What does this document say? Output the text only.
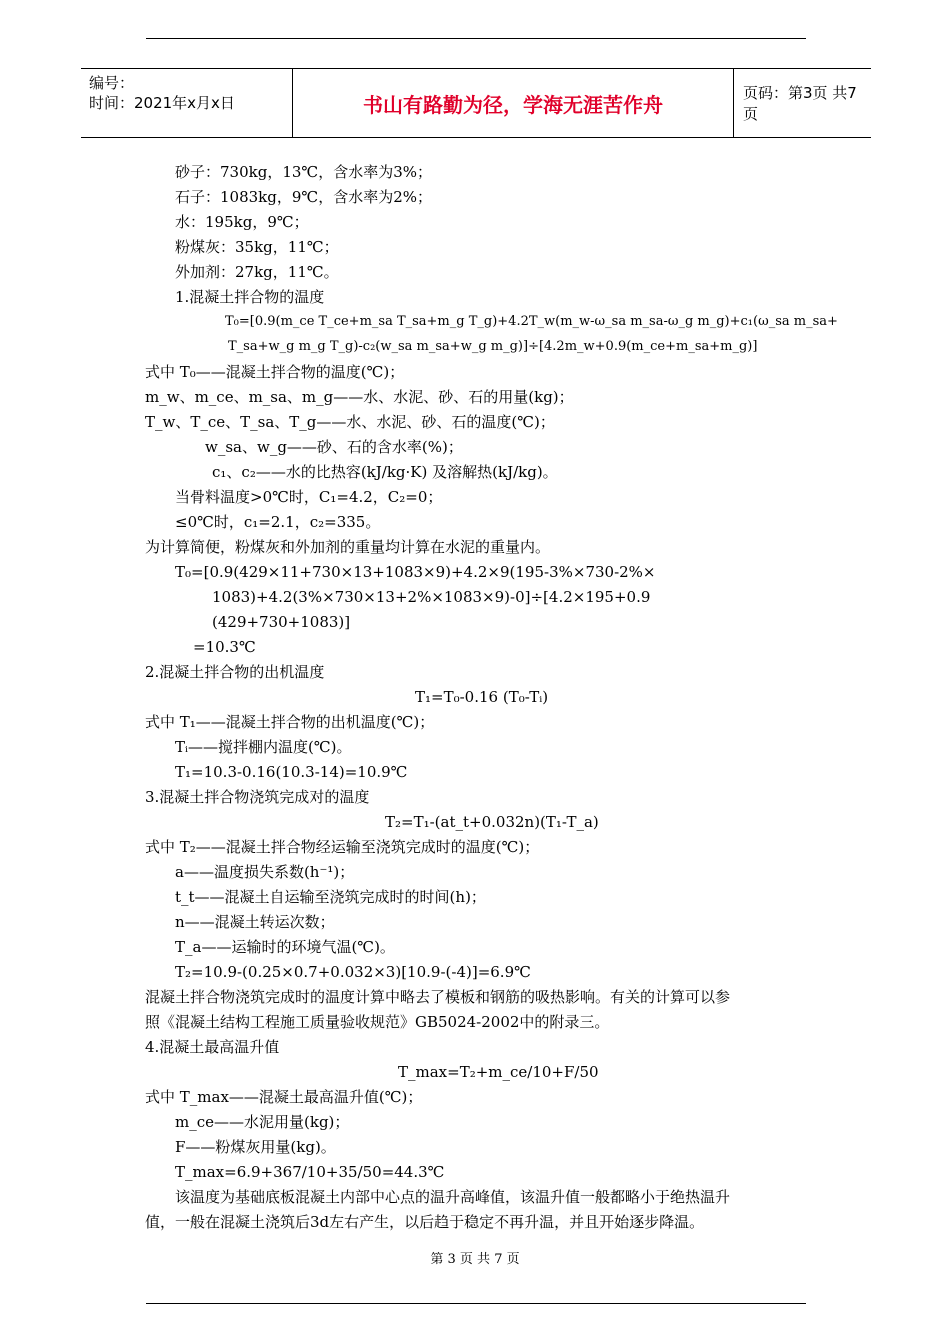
编号：
时间：2021年x月x日	书山有路勤为径，学海无涯苦作舟	页码：第3页 共7页
砂子：730kg，13℃，含水率为3%；
石子：1083kg，9℃，含水率为2%；
水：195kg，9℃；
粉煤灰：35kg，11℃；
外加剂：27kg，11℃。
1.混凝土拌合物的温度
T₀=[0.9(m_ce T_ce+m_sa T_sa+m_g T_g)+4.2T_w(m_w-ω_sa m_sa-ω_g m_g)+c₁(ω_sa m_sa+
T_sa+w_g m_g T_g)-c₂(w_sa m_sa+w_g m_g)]÷[4.2m_w+0.9(m_ce+m_sa+m_g)]
式中 T₀——混凝土拌合物的温度(℃)；
m_w、m_ce、m_sa、m_g——水、水泥、砂、石的用量(kg)；
T_w、T_ce、T_sa、T_g——水、水泥、砂、石的温度(℃)；
w_sa、w_g——砂、石的含水率(%)；
c₁、c₂——水的比热容(kJ/kg·K) 及溶解热(kJ/kg)。
当骨料温度>0℃时，C₁=4.2，C₂=0；
≤0℃时，c₁=2.1，c₂=335。
为计算简便，粉煤灰和外加剂的重量均计算在水泥的重量内。
T₀=[0.9(429×11+730×13+1083×9)+4.2×9(195-3%×730-2%×
1083)+4.2(3%×730×13+2%×1083×9)-0]÷[4.2×195+0.9
(429+730+1083)]
=10.3℃
2.混凝土拌合物的出机温度
T₁=T₀-0.16 (T₀-Tᵢ)
式中 T₁——混凝土拌合物的出机温度(℃)；
Tᵢ——搅拌棚内温度(℃)。
T₁=10.3-0.16(10.3-14)=10.9℃
3.混凝土拌合物浇筑完成对的温度
T₂=T₁-(at_t+0.032n)(T₁-T_a)
式中 T₂——混凝土拌合物经运输至浇筑完成时的温度(℃)；
a——温度损失系数(h⁻¹)；
t_t——混凝土自运输至浇筑完成时的时间(h)；
n——混凝土转运次数；
T_a——运输时的环境气温(℃)。
T₂=10.9-(0.25×0.7+0.032×3)[10.9-(-4)]=6.9℃
混凝土拌合物浇筑完成时的温度计算中略去了模板和钢筋的吸热影响。有关的计算可以参
照《混凝土结构工程施工质量验收规范》GB5024-2002中的附录三。
4.混凝土最高温升值
T_max=T₂+m_ce/10+F/50
式中 T_max——混凝土最高温升值(℃)；
m_ce——水泥用量(kg)；
F——粉煤灰用量(kg)。
T_max=6.9+367/10+35/50=44.3℃
该温度为基础底板混凝土内部中心点的温升高峰值，该温升值一般都略小于绝热温升
值，一般在混凝土浇筑后3d左右产生，以后趋于稳定不再升温，并且开始逐步降温。
第 3 页 共 7 页
